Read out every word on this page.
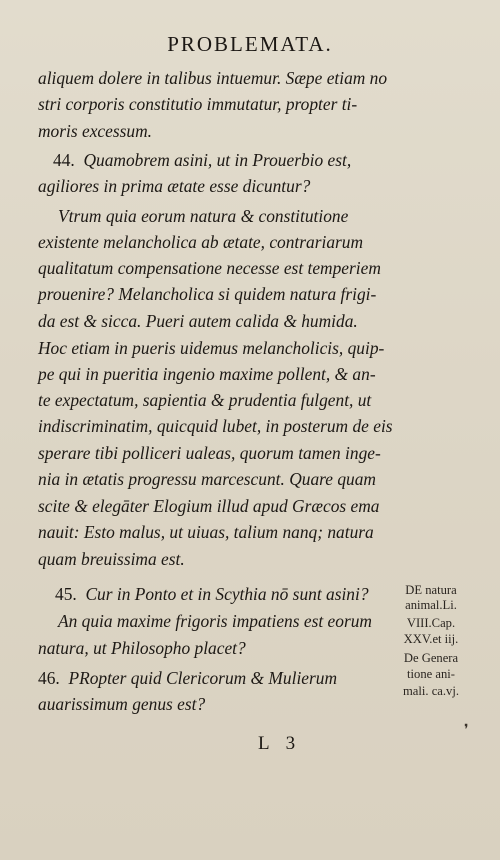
PROBLEMATA.
aliquem dolere in talibus intuemur. Sæpe etiam no
stri corporis constitutio immutatur, propter ti-
moris excessum.
44. Quamobrem asini, ut in Prouerbio est,
agiliores in prima ætate esse dicuntur?
Vtrum quia eorum natura & constitutione
existente melancholica ab ætate, contrariarum
qualitatum compensatione necesse est temperiem
prouenire? Melancholica si quidem natura frigi-
da est & sicca. Pueri autem calida & humida.
Hoc etiam in pueris uidemus melancholicis, quip-
pe qui in pueritia ingenio maxime pollent, & an-
te expectatum, sapientia & prudentia fulgent, ut
indiscriminatim, quicquid lubet, in posterum de eis
sperare tibi polliceri ualeas, quorum tamen inge-
nia in ætatis progressu marcescunt. Quare quam
scite & elegāter Elogium illud apud Græcos ema
nauit: Esto malus, ut uiuas, talium nanq; natura
quam breuissima est.
45. Cur in Ponto et in Scythia nō sunt asini?
An quia maxime frigoris impatiens est eorum
natura, ut Philosopho placet?
46. PRopter quid Clericorum & Mulierum
auarissimum genus est?
DE natura
animal.Li.
VIII.Cap.
XXV.et iij.
De Genera
tione ani-
mali. ca.vj.
L 3
❜
